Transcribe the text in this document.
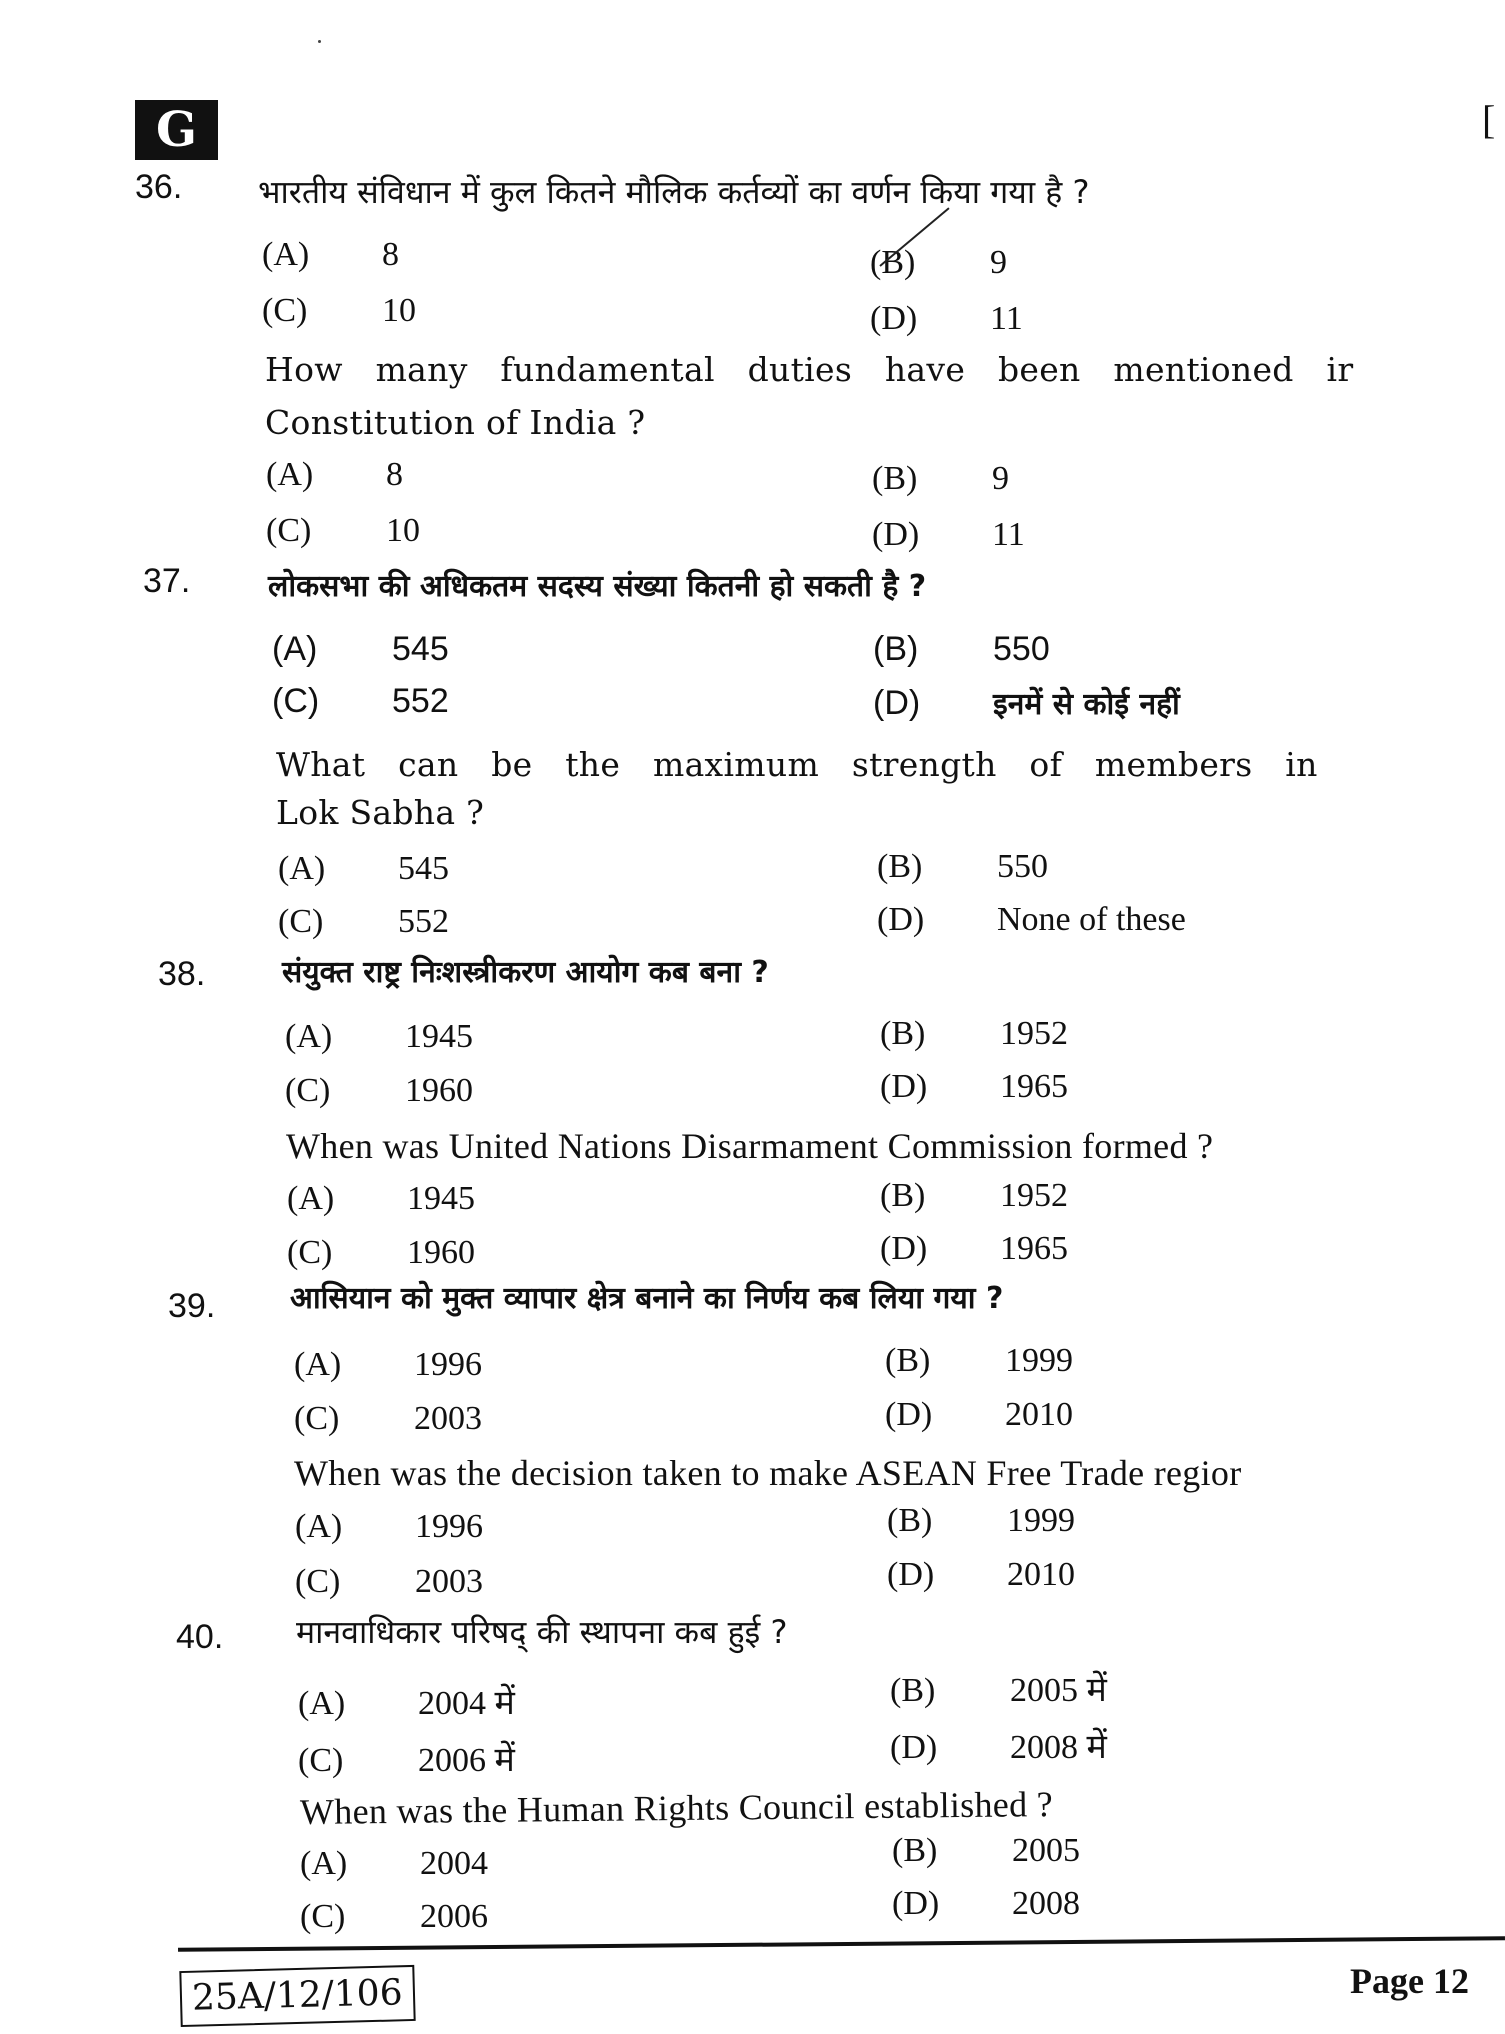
G	[
36. भारतीय संविधान में कुल कितने मौलिक कर्तव्यों का वर्णन किया गया है ?
(A) 8	(B) 9
(C) 10	(D) 11
How many fundamental duties have been mentioned ir
Constitution of India ?
(A) 8	(B) 9
(C) 10	(D) 11
37.	लोकसभा की अधिकतम सदस्य संख्या कितनी हो सकती है ?
(A) 545	(B) 550
(C) 552	(D) इनमें से कोई नहीं
What can be the maximum strength of members in
Lok Sabha ?
(A) 545	(B) 550
(C) 552	(D) None of these
38.	संयुक्त राष्ट्र निःशस्त्रीकरण आयोग कब बना ?
(A) 1945	(B) 1952
(C) 1960	(D) 1965
When was United Nations Disarmament Commission formed ?
(A) 1945	(B) 1952
(C) 1960	(D) 1965
39. आसियान को मुक्त व्यापार क्षेत्र बनाने का निर्णय कब लिया गया ?
(A) 1996	(B) 1999
(C) 2003	(D) 2010
When was the decision taken to make ASEAN Free Trade regior
(A) 1996	(B) 1999
(C) 2003	(D) 2010
40. मानवाधिकार परिषद् की स्थापना कब हुई ?
(A) 2004 में	(B) 2005 में
(C) 2006 में	(D) 2008 में
When was the Human Rights Council established ?
(A) 2004	(B) 2005
(C) 2006	(D) 2008
25A/12/106	Page 12
